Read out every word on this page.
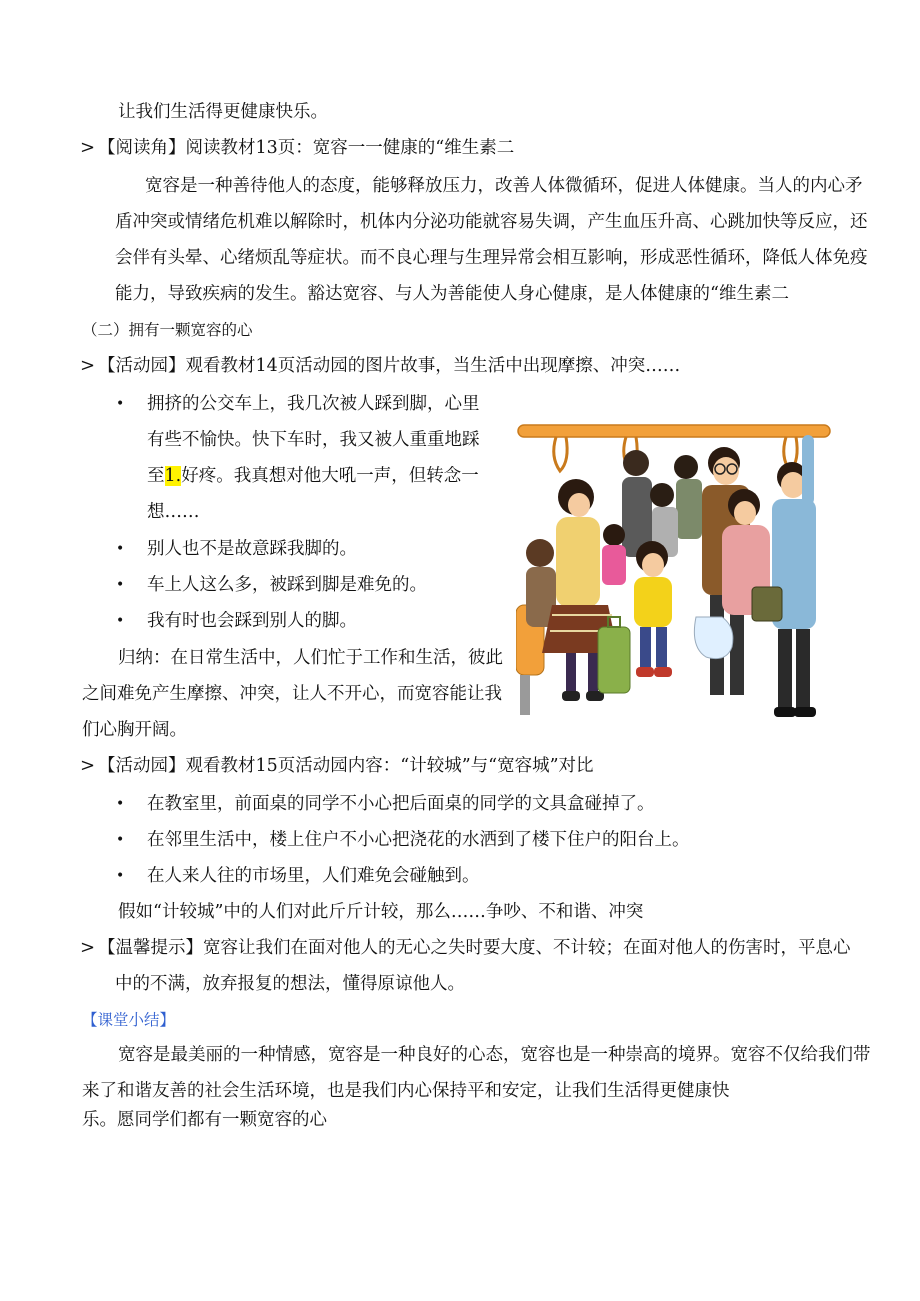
让我们生活得更健康快乐。
> 【阅读角】阅读教材13页：宽容一一健康的“维生素二
宽容是一种善待他人的态度，能够释放压力，改善人体微循环，促进人体健康。当人的内心矛
盾冲突或情绪危机难以解除时，机体内分泌功能就容易失调，产生血压升高、心跳加快等反应，还
会伴有头晕、心绪烦乱等症状。而不良心理与生理异常会相互影响，形成恶性循环，降低人体免疫
能力，导致疾病的发生。豁达宽容、与人为善能使人身心健康，是人体健康的“维生素二
（二）拥有一颗宽容的心
> 【活动园】观看教材14页活动园的图片故事，当生活中出现摩擦、冲突……
• 拥挤的公交车上，我几次被人踩到脚，心里
有些不愉快。快下车时，我又被人重重地踩
至1.好疼。我真想对他大吼一声，但转念一
想……
• 别人也不是故意踩我脚的。
• 车上人这么多，被踩到脚是难免的。
• 我有时也会踩到别人的脚。
归纳：在日常生活中，人们忙于工作和生活，彼此
之间难免产生摩擦、冲突，让人不开心，而宽容能让我
们心胸开阔。
> 【活动园】观看教材15页活动园内容：“计较城”与“宽容城”对比
• 在教室里，前面桌的同学不小心把后面桌的同学的文具盒碰掉了。
• 在邻里生活中，楼上住户不小心把浇花的水洒到了楼下住户的阳台上。
• 在人来人往的市场里，人们难免会碰触到。
假如“计较城”中的人们对此斤斤计较，那么……争吵、不和谐、冲突
> 【温馨提示】宽容让我们在面对他人的无心之失时要大度、不计较；在面对他人的伤害时，平息心
中的不满，放弃报复的想法，懂得原谅他人。
【课堂小结】
宽容是最美丽的一种情感，宽容是一种良好的心态，宽容也是一种崇高的境界。宽容不仅给我们带
来了和谐友善的社会生活环境，也是我们内心保持平和安定，让我们生活得更健康快
乐。愿同学们都有一颗宽容的心
